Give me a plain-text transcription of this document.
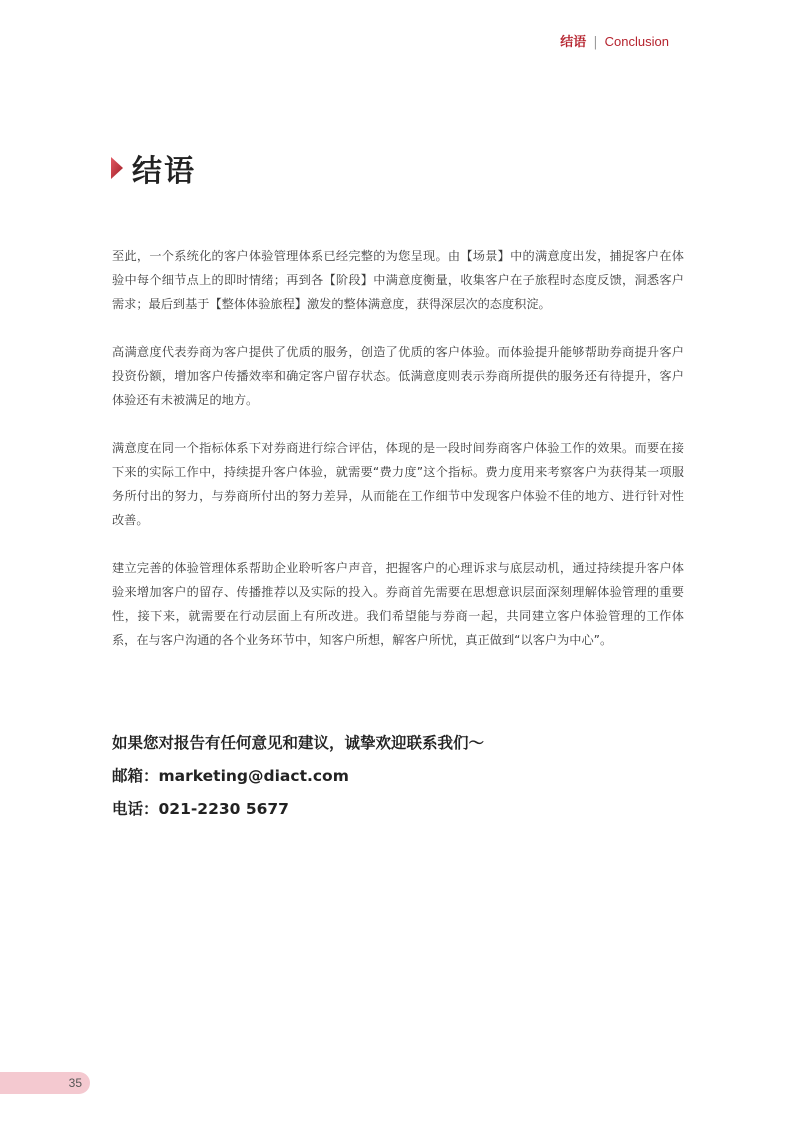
结语 | Conclusion
结语

至此，一个系统化的客户体验管理体系已经完整的为您呈现。由【场景】中的满意度出发，捕捉客户在体验中每个细节点上的即时情绪；再到各【阶段】中满意度衡量，收集客户在子旅程时态度反馈，洞悉客户需求；最后到基于【整体体验旅程】激发的整体满意度，获得深层次的态度积淀。

高满意度代表券商为客户提供了优质的服务，创造了优质的客户体验。而体验提升能够帮助券商提升客户投资份额，增加客户传播效率和确定客户留存状态。低满意度则表示券商所提供的服务还有待提升，客户体验还有未被满足的地方。

满意度在同一个指标体系下对券商进行综合评估，体现的是一段时间券商客户体验工作的效果。而要在接下来的实际工作中，持续提升客户体验，就需要“费力度”这个指标。费力度用来考察客户为获得某一项服务所付出的努力，与券商所付出的努力差异，从而能在工作细节中发现客户体验不佳的地方、进行针对性改善。

建立完善的体验管理体系帮助企业聆听客户声音，把握客户的心理诉求与底层动机，通过持续提升客户体验来增加客户的留存、传播推荐以及实际的投入。券商首先需要在思想意识层面深刻理解体验管理的重要性，接下来，就需要在行动层面上有所改进。我们希望能与券商一起，共同建立客户体验管理的工作体系，在与客户沟通的各个业务环节中，知客户所想，解客户所忧，真正做到“以客户为中心”。

如果您对报告有任何意见和建议，诚挚欢迎联系我们～
邮箱：marketing@diact.com
电话：021-2230 5677
35
